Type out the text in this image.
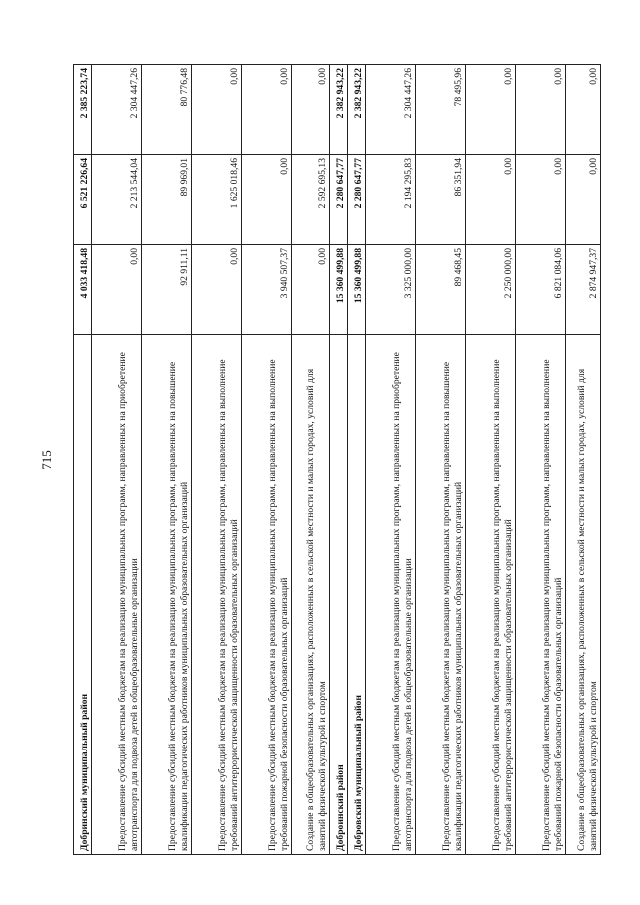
715
Добринский муниципальный район	4 033 418,48	6 521 226,64	2 385 223,74
Предоставление субсидий местным бюджетам на реализацию муниципальных программ, направленных на приобретение автотранспорта для подвоза детей в общеобразовательные организации	0,00	2 213 544,04	2 304 447,26
Предоставление субсидий местным бюджетам на реализацию муниципальных программ, направленных на повышение квалификации педагогических работников муниципальных образовательных организаций	92 911,11	89 969,01	80 776,48
Предоставление субсидий местным бюджетам на реализацию муниципальных программ, направленных на выполнение требований антитеррористической защищенности образовательных организаций	0,00	1 625 018,46	0,00
Предоставление субсидий местным бюджетам на реализацию муниципальных программ, направленных на выполнение требований пожарной безопасности образовательных организаций	3 940 507,37	0,00	0,00
Создание в общеобразовательных организациях, расположенных в сельской местности и малых городах, условий для занятий физической культурой и спортом	0,00	2 592 695,13	0,00
Доброинский район	15 360 499,88	2 280 647,77	2 382 943,22
Добровский муниципальный район	15 360 499,88	2 280 647,77	2 382 943,22
Предоставление субсидий местным бюджетам на реализацию муниципальных программ, направленных на приобретение автотранспорта для подвоза детей в общеобразовательные организации	3 325 000,00	2 194 295,83	2 304 447,26
Предоставление субсидий местным бюджетам на реализацию муниципальных программ, направленных на повышение квалификации педагогических работников муниципальных образовательных организаций	89 468,45	86 351,94	78 495,96
Предоставление субсидий местным бюджетам на реализацию муниципальных программ, направленных на выполнение требований антитеррористической защищенности образовательных организаций	2 250 000,00	0,00	0,00
Предоставление субсидий местным бюджетам на реализацию муниципальных программ, направленных на выполнение требований пожарной безопасности образовательных организаций	6 821 084,06	0,00	0,00
Создание в общеобразовательных организациях, расположенных в сельской местности и малых городах, условий для занятий физической культурой и спортом	2 874 947,37	0,00	0,00
